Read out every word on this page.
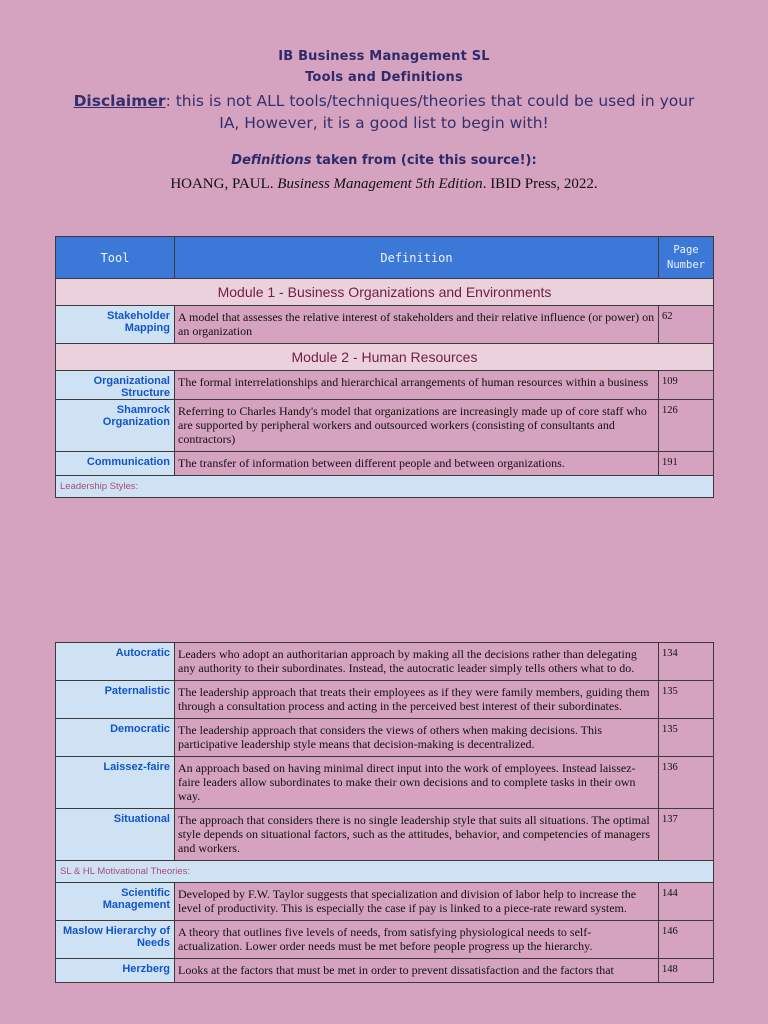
IB Business Management SL
Tools and Definitions
Disclaimer: this is not ALL tools/techniques/theories that could be used in your IA, However, it is a good list to begin with!
Definitions taken from (cite this source!):
HOANG, PAUL. Business Management 5th Edition. IBID Press, 2022.
Tool	Definition	Page Number
Module 1 - Business Organizations and Environments		
Stakeholder Mapping	A model that assesses the relative interest of stakeholders and their relative influence (or power) on an organization	62
Module 2 - Human Resources		
Organizational Structure	The formal interrelationships and hierarchical arrangements of human resources within a business	109
Shamrock Organization	Referring to Charles Handy's model that organizations are increasingly made up of core staff who are supported by peripheral workers and outsourced workers (consisting of consultants and contractors)	126
Communication	The transfer of information between different people and between organizations.	191
Leadership Styles:		
Autocratic	Leaders who adopt an authoritarian approach by making all the decisions rather than delegating any authority to their subordinates. Instead, the autocratic leader simply tells others what to do.	134
Paternalistic	The leadership approach that treats their employees as if they were family members, guiding them through a consultation process and acting in the perceived best interest of their subordinates.	135
Democratic	The leadership approach that considers the views of others when making decisions. This participative leadership style means that decision-making is decentralized.	135
Laissez-faire	An approach based on having minimal direct input into the work of employees. Instead laissez-faire leaders allow subordinates to make their own decisions and to complete tasks in their own way.	136
Situational	The approach that considers there is no single leadership style that suits all situations. The optimal style depends on situational factors, such as the attitudes, behavior, and competencies of managers and workers.	137
SL & HL Motivational Theories:		
Scientific Management	Developed by F.W. Taylor suggests that specialization and division of labor help to increase the level of productivity. This is especially the case if pay is linked to a piece-rate reward system.	144
Maslow Hierarchy of Needs	A theory that outlines five levels of needs, from satisfying physiological needs to self-actualization. Lower order needs must be met before people progress up the hierarchy.	146
Herzberg	Looks at the factors that must be met in order to prevent dissatisfaction and the factors that	148
